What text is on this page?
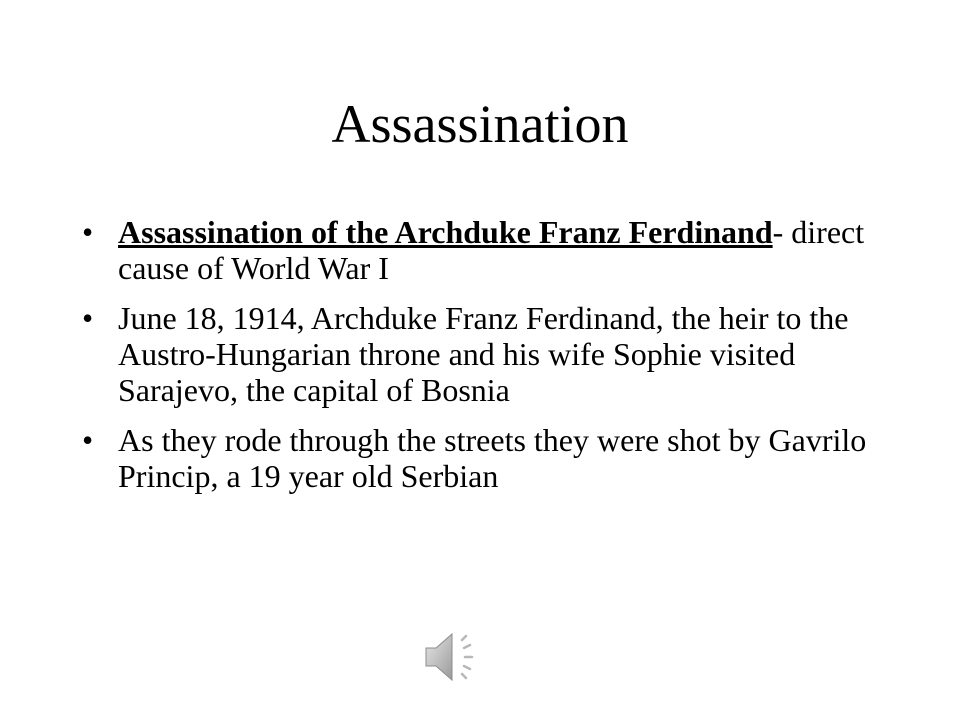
Assassination
• Assassination of the Archduke Franz Ferdinand- direct cause of World War I
• June 18, 1914, Archduke Franz Ferdinand, the heir to the Austro-Hungarian throne and his wife Sophie visited Sarajevo, the capital of Bosnia
• As they rode through the streets they were shot by Gavrilo Princip, a 19 year old Serbian
